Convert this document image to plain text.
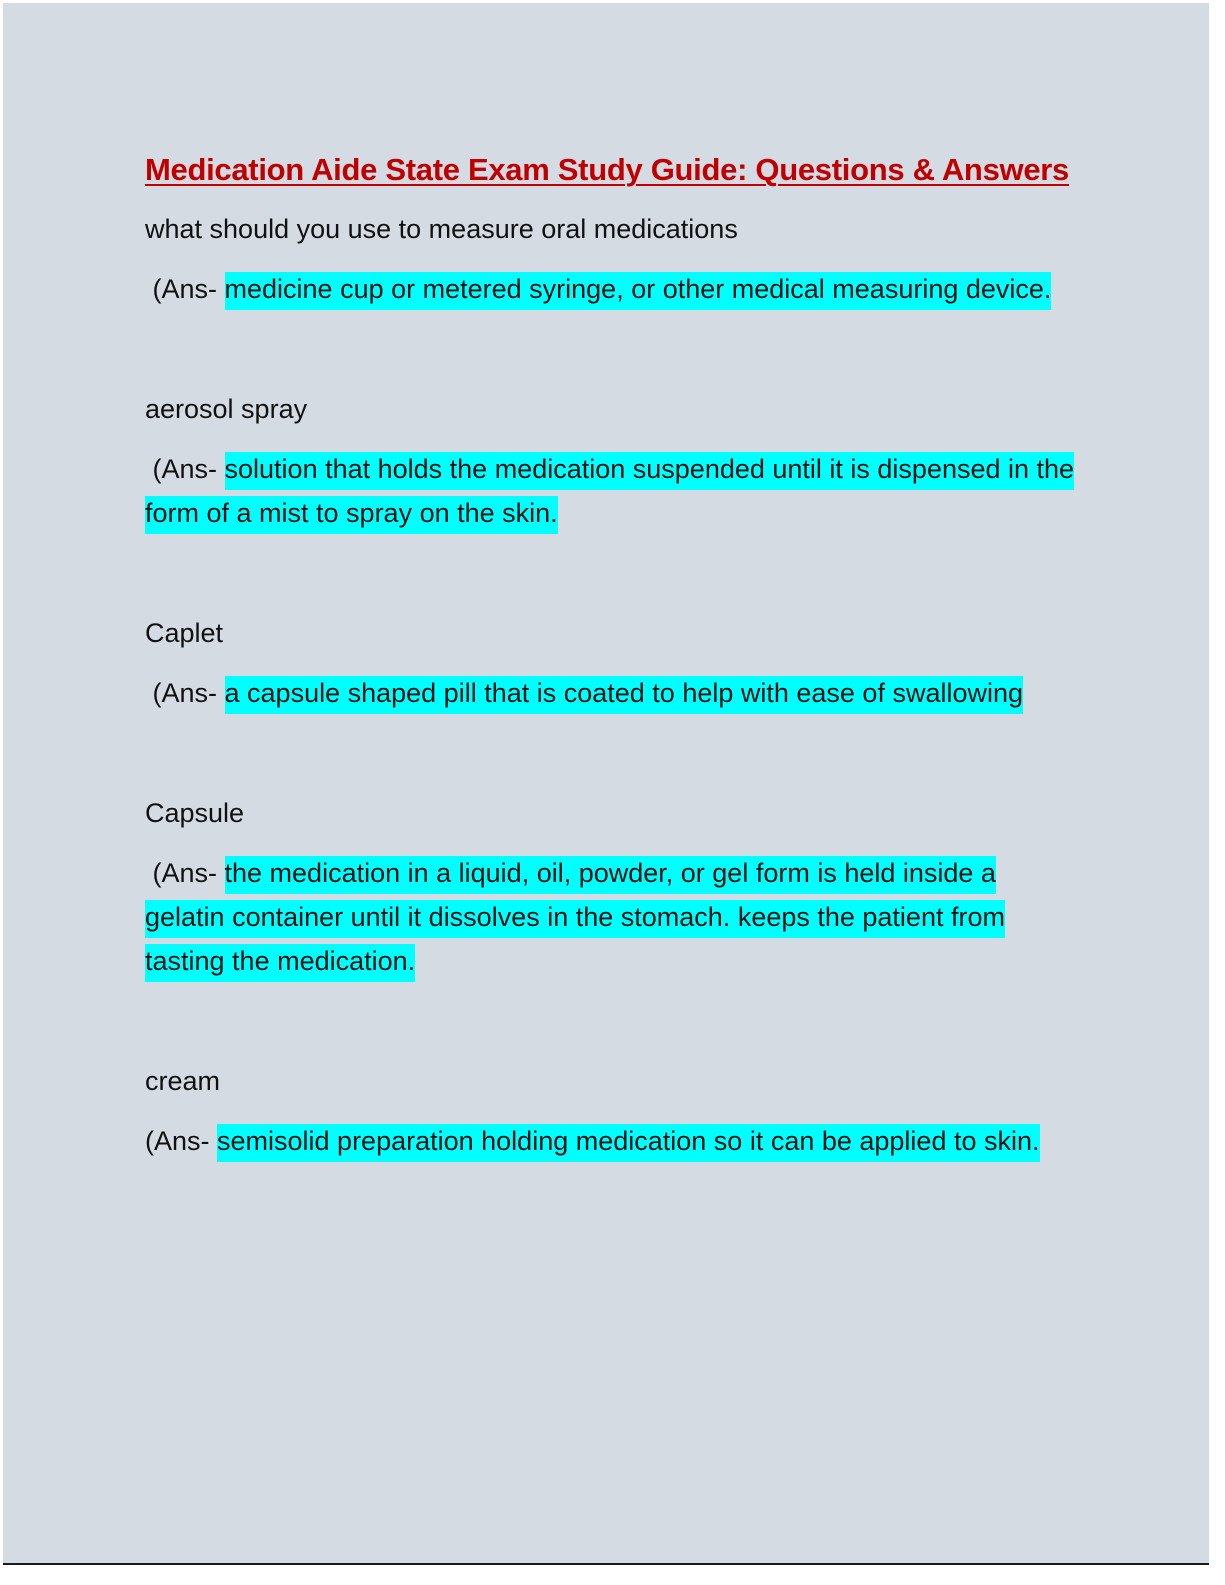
Medication Aide State Exam Study Guide: Questions & Answers

what should you use to measure oral medications

(Ans- medicine cup or metered syringe, or other medical measuring device.

aerosol spray

(Ans- solution that holds the medication suspended until it is dispensed in the form of a mist to spray on the skin.

Caplet

(Ans- a capsule shaped pill that is coated to help with ease of swallowing

Capsule

(Ans- the medication in a liquid, oil, powder, or gel form is held inside a gelatin container until it dissolves in the stomach. keeps the patient from tasting the medication.

cream

(Ans- semisolid preparation holding medication so it can be applied to skin.
